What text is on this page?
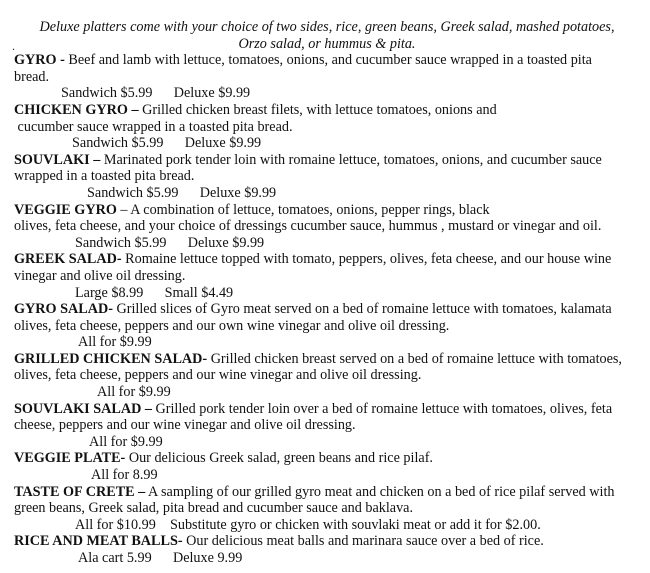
Deluxe platters come with your choice of two sides, rice, green beans, Greek salad, mashed potatoes,
Orzo salad, or hummus & pita.

.

GYRO - Beef and lamb with lettuce, tomatoes, onions, and cucumber sauce wrapped in a toasted pita

bread.

Sandwich $5.99      Deluxe $9.99

CHICKEN GYRO – Grilled chicken breast filets, with lettuce tomatoes, onions and

cucumber sauce wrapped in a toasted pita bread.

Sandwich $5.99      Deluxe $9.99

SOUVLAKI – Marinated pork tender loin with romaine lettuce, tomatoes, onions, and cucumber sauce

wrapped in a toasted pita bread.

Sandwich $5.99      Deluxe $9.99

VEGGIE GYRO – A combination of lettuce, tomatoes, onions, pepper rings, black

olives, feta cheese, and your choice of dressings cucumber sauce, hummus , mustard or vinegar and oil.

Sandwich $5.99      Deluxe $9.99

GREEK SALAD- Romaine lettuce topped with tomato, peppers, olives, feta cheese, and our house wine

vinegar and olive oil dressing.

Large $8.99      Small $4.49

GYRO SALAD- Grilled slices of Gyro meat served on a bed of romaine lettuce with tomatoes, kalamata

olives, feta cheese, peppers and our own wine vinegar and olive oil dressing.

All for $9.99

GRILLED CHICKEN SALAD- Grilled chicken breast served on a bed of romaine lettuce with tomatoes,

olives, feta cheese, peppers and our wine vinegar and olive oil dressing.

All for $9.99

SOUVLAKI SALAD – Grilled pork tender loin over a bed of romaine lettuce with tomatoes, olives, feta

cheese, peppers and our wine vinegar and olive oil dressing.

All for $9.99

VEGGIE PLATE- Our delicious Greek salad, green beans and rice pilaf.

All for 8.99

TASTE OF CRETE – A sampling of our grilled gyro meat and chicken on a bed of rice pilaf served with

green beans, Greek salad, pita bread and cucumber sauce and baklava.

All for $10.99    Substitute gyro or chicken with souvlaki meat or add it for $2.00.

RICE AND MEAT BALLS- Our delicious meat balls and marinara sauce over a bed of rice.

Ala cart 5.99      Deluxe 9.99
